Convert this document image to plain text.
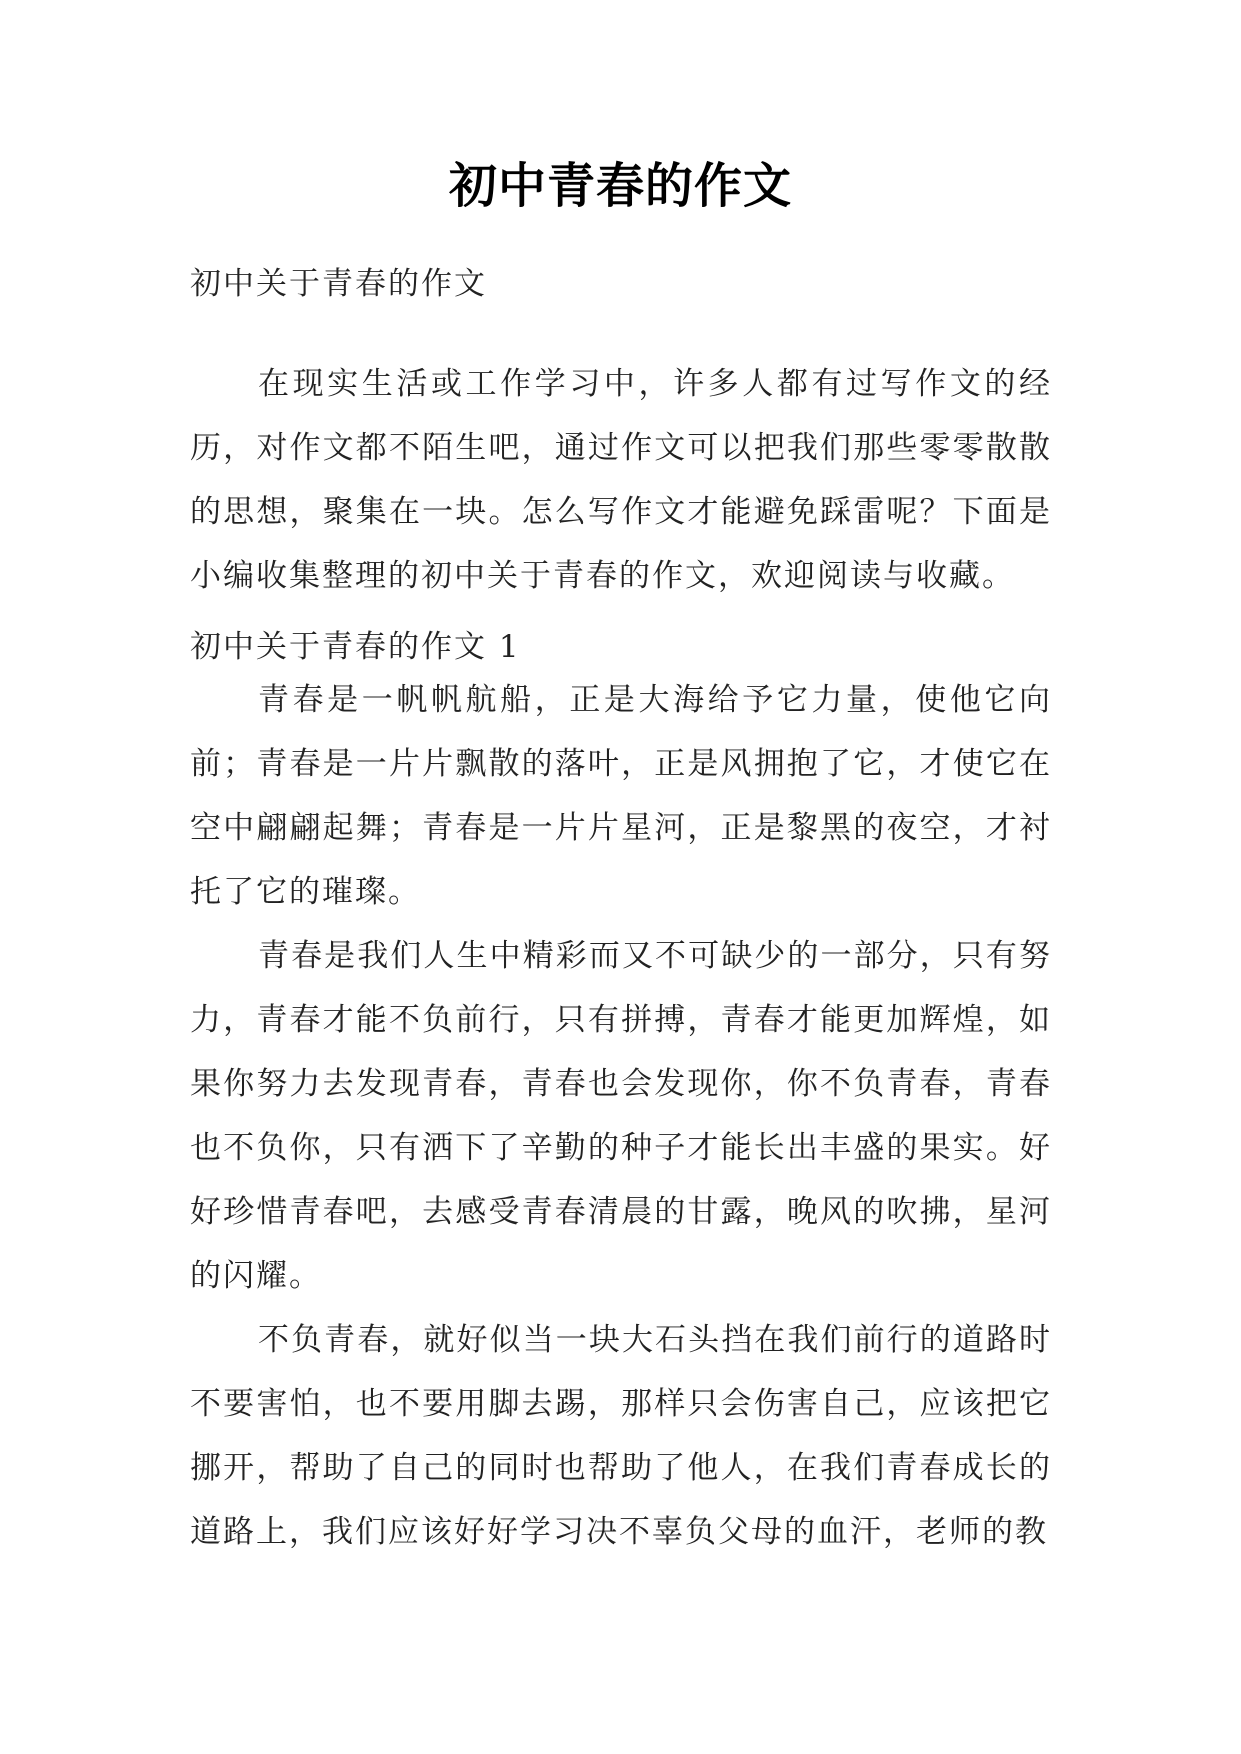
初中青春的作文
初中关于青春的作文

在现实生活或工作学习中，许多人都有过写作文的经历，对作文都不陌生吧，通过作文可以把我们那些零零散散的思想，聚集在一块。怎么写作文才能避免踩雷呢？下面是小编收集整理的初中关于青春的作文，欢迎阅读与收藏。

初中关于青春的作文 1

青春是一帆帆航船，正是大海给予它力量，使他它向前；青春是一片片飘散的落叶，正是风拥抱了它，才使它在空中翩翩起舞；青春是一片片星河，正是黎黑的夜空，才衬托了它的璀璨。

青春是我们人生中精彩而又不可缺少的一部分，只有努力，青春才能不负前行，只有拼搏，青春才能更加辉煌，如果你努力去发现青春，青春也会发现你，你不负青春，青春也不负你，只有洒下了辛勤的种子才能长出丰盛的果实。好好珍惜青春吧，去感受青春清晨的甘露，晚风的吹拂，星河的闪耀。

不负青春，就好似当一块大石头挡在我们前行的道路时不要害怕，也不要用脚去踢，那样只会伤害自己，应该把它挪开，帮助了自己的同时也帮助了他人，在我们青春成长的道路上，我们应该好好学习决不辜负父母的血汗，老师的教
